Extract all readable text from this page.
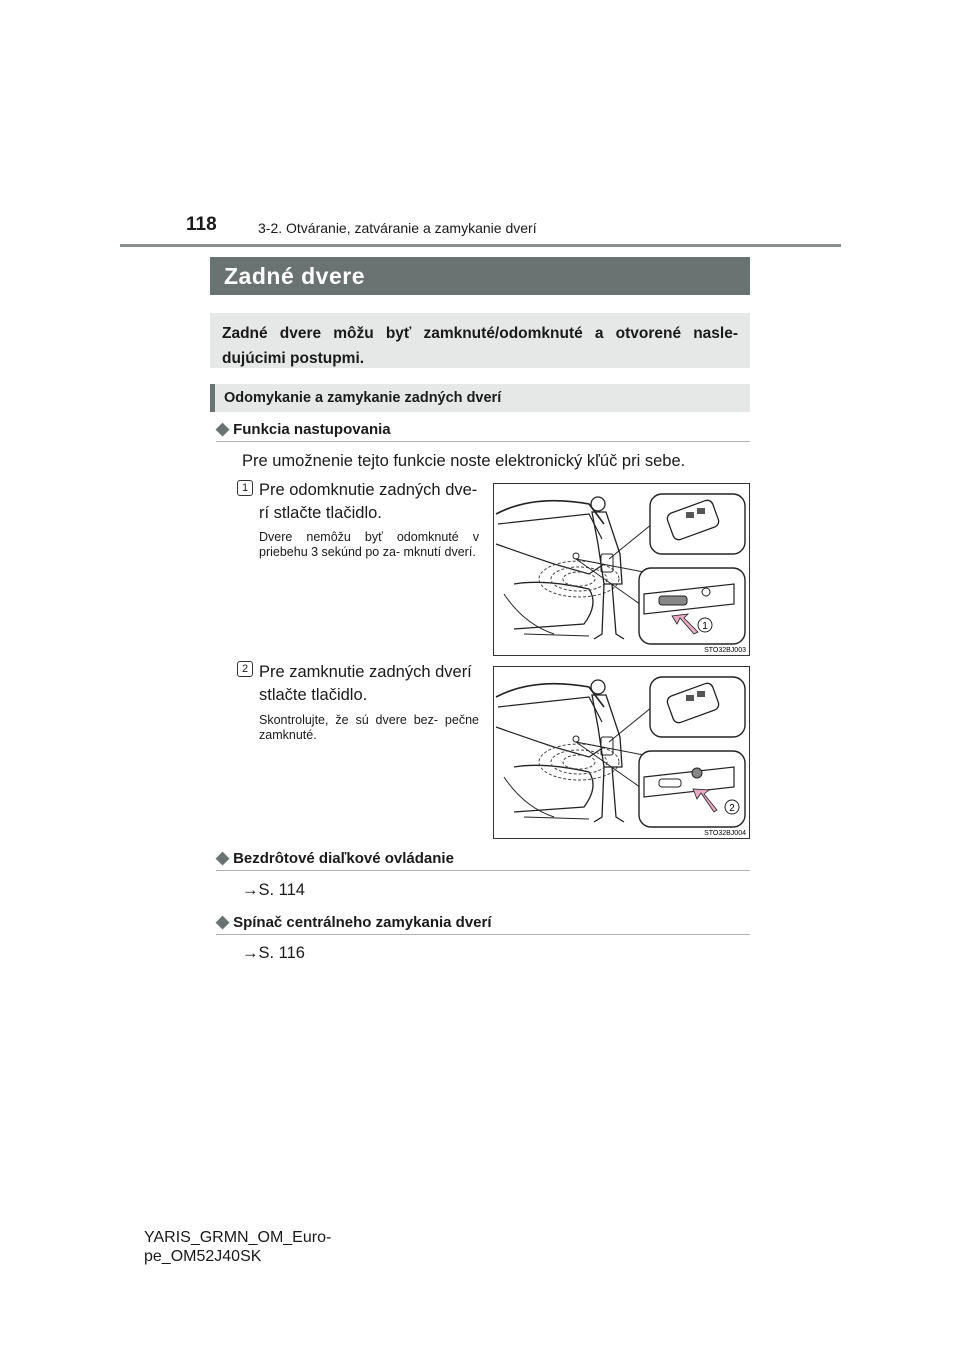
118	3-2. Otváranie, zatváranie a zamykanie dverí
Zadné dvere
Zadné dvere môžu byť zamknuté/odomknuté a otvorené nasle- dujúcimi postupmi.
Odomykanie a zamykanie zadných dverí
◆ Funkcia nastupovania
Pre umožnenie tejto funkcie noste elektronický kľúč pri sebe.
1 Pre odomknutie zadných dve- rí stlačte tlačidlo.
Dvere nemôžu byť odomknuté v priebehu 3 sekúnd po za- mknutí dverí.
1
STO32BJ003
2 Pre zamknutie zadných dverí stlačte tlačidlo.
Skontrolujte, že sú dvere bez- pečne zamknuté.
2
STO32BJ004
◆ Bezdrôtové diaľkové ovládanie
→S. 114
◆ Spínač centrálneho zamykania dverí
→S. 116
YARIS_GRMN_OM_Euro-
pe_OM52J40SK
